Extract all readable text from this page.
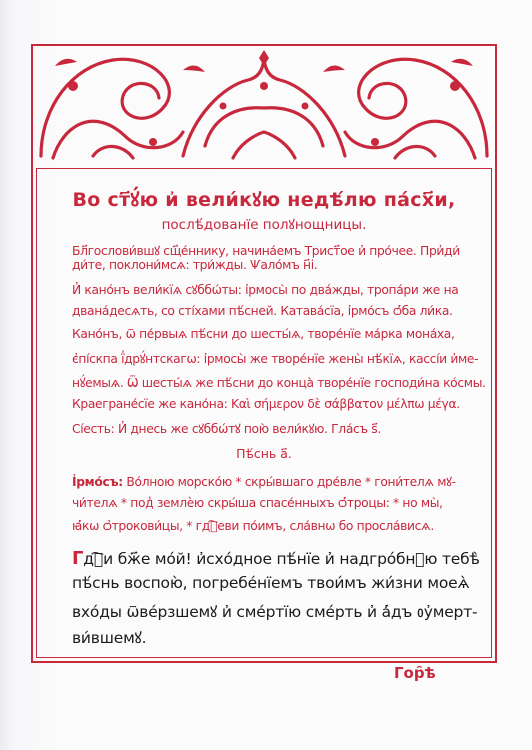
Во ст҃ꙋ́ю и҆ вели́кꙋю недѣ́лю па́сх҃и,
послѣ́дованїе полꙋнощницы.
Бл҃гослови́вшꙋ сщ҃е́ннику, начина́емъ Трист҃ое и҆ про́чее. При҆ди́
ди́те, поклони́мсѧ: три́жды. Ѱало́мъ н҃і.
И҆ кано́нъ вели́кїѧ сꙋббѡ́ты: і҆рмосы̀ по два́жды, тропа́ри же на
двана́десѧть, со сті́хами пѣ́сней. Катава́сїа, і҆рмо́съ ѻ҆́ба ли́ка.
Кано́нъ, ѿ пе́рвыѧ пѣ́сни до шесты́ѧ, творе́нїе ма́рка мона́ха,
є҆пі́скпа ї҆дрꙋ́нтскагѡ: і҆рмосы̀ же творе́нїе жены̀ нѣ́кїѧ, кассі́и и҆ме-
нꙋ́емыѧ. Ѿ шесты́ѧ же пѣ́сни до конца̀ творе́нїе господи́на ко́смы.
Краегране́сїе же кано́на: Καὶ σήμερον δὲ σάββατον μέλπω μέγα.
Сі́есть: И҆ днесь же сꙋббѡ́тꙋ пою̀ вели́кꙋю. Гла́съ ѕ҃.
Пѣ́снь а҃.
І҆рмо́съ: Во́лною морско́ю * скры́вшаго дре́вле * гони́телѧ мꙋ-
чи́телѧ * под̾ землѐю скры́ша спасе́нныхъ ѻ҆́троцы: * но мы̀,
ꙗ҆́кѡ ѻ҆трокови́цы, * гдⷭ҇еви по́имъ, сла́внѡ бо просла́висѧ.
Гдⷭ҇и бж҃е мо́й! и҆схо́дное пѣ́нїе и҆ надгро́бнꙋю тебѣ̀
пѣ́снь воспою̀, погребе́нїемъ твои́мъ жи́зни моеѧ̀
вхо́ды ѿве́рзшемꙋ и҆ сме́ртїю сме́рть и҆ а҆́дъ ᲂу҆мерт-
ви́вшемꙋ.
Гор̑ѣ
